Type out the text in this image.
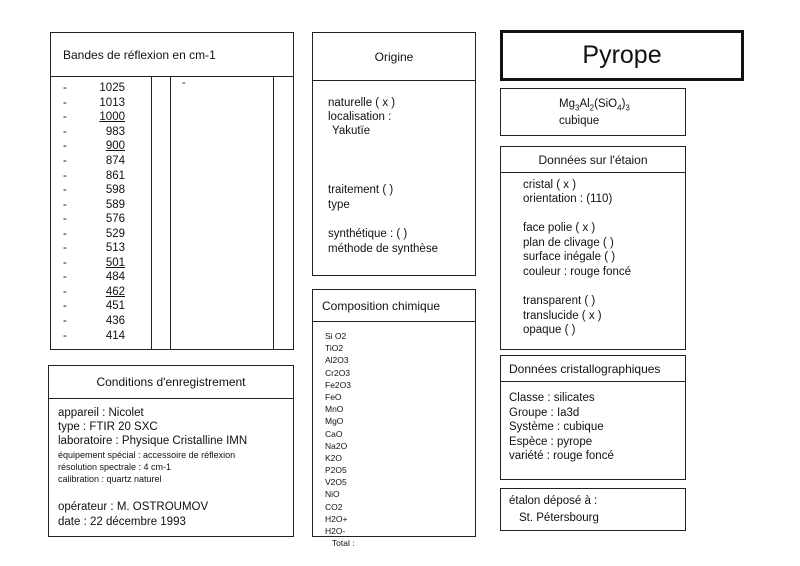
Bandes de réflexion en cm-1
-
-	1025
-	1013
-	1000
-	983
-	900
-	874
-	861
-	598
-	589
-	576
-	529
-	513
-	501
-	484
-	462
-	451
-	436
-	414
Origine
naturelle ( x )
localisation :
Yakutïe
traitement ( )
type
synthétique : ( )
méthode de synthèse
Pyrope
$Mg_3Al_2(SiO_4)_3$
cubique
Données sur l'étaion
cristal ( x )
orientation : (110)
face polie ( x )
plan de clivage ( )
surface inégale ( )
couleur : rouge foncé
transparent ( )
translucide ( x )
opaque ( )
Conditions d'enregistrement
appareil : Nicolet
type : FTIR 20 SXC
laboratoire : Physique Cristalline IMN
équipement spécial : accessoire de réflexion
résolution spectrale : 4 cm-1
calibration : quartz naturel
opérateur : M. OSTROUMOV
date : 22 décembre 1993
Composition chimique
Si O2
TiO2
Al2O3
Cr2O3
Fe2O3
FeO
MnO
MgO
CaO
Na2O
K2O
P2O5
V2O5
NiO
CO2
H2O+
H2O-
Total :
Données cristallographiques
Classe : silicates
Groupe : Ia3d
Système : cubique
Espèce : pyrope
variété : rouge foncé
étalon déposé à :
St. Pétersbourg
